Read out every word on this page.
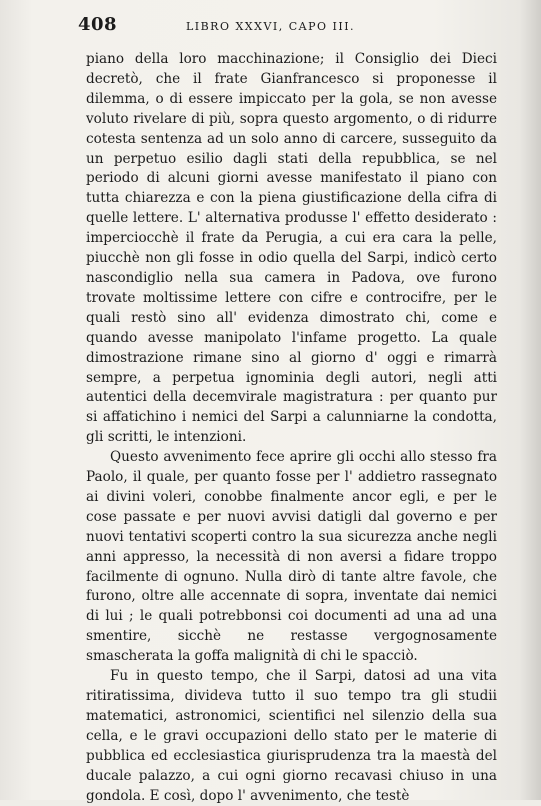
408	LIBRO XXXVI, CAPO III.

piano della loro macchinazione; il Consiglio dei Dieci decretò, che il frate Gianfrancesco si proponesse il dilemma, o di essere impiccato per la gola, se non avesse voluto rivelare di più, sopra questo argomento, o di ridurre cotesta sentenza ad un solo anno di carcere, susseguito da un perpetuo esilio dagli stati della repubblica, se nel periodo di alcuni giorni avesse manifestato il piano con tutta chiarezza e con la piena giustificazione della cifra di quelle lettere. L' alternativa produsse l' effetto desiderato : imperciocchè il frate da Perugia, a cui era cara la pelle, piucchè non gli fosse in odio quella del Sarpi, indicò certo nascondiglio nella sua camera in Padova, ove furono trovate moltissime lettere con cifre e controcifre, per le quali restò sino all' evidenza dimostrato chi, come e quando avesse manipolato l'infame progetto. La quale dimostrazione rimane sino al giorno d' oggi e rimarrà sempre, a perpetua ignominia degli autori, negli atti autentici della decemvirale magistratura : per quanto pur si affatichino i nemici del Sarpi a calunniarne la condotta, gli scritti, le intenzioni.

Questo avvenimento fece aprire gli occhi allo stesso fra Paolo, il quale, per quanto fosse per l' addietro rassegnato ai divini voleri, conobbe finalmente ancor egli, e per le cose passate e per nuovi avvisi datigli dal governo e per nuovi tentativi scoperti contro la sua sicurezza anche negli anni appresso, la necessità di non aversi a fidare troppo facilmente di ognuno. Nulla dirò di tante altre favole, che furono, oltre alle accennate di sopra, inventate dai nemici di lui ; le quali potrebbonsi coi documenti ad una ad una smentire, sicchè ne restasse vergognosamente smascherata la goffa malignità di chi le spacciò.

Fu in questo tempo, che il Sarpi, datosi ad una vita ritiratissima, divideva tutto il suo tempo tra gli studii matematici, astronomici, scientifici nel silenzio della sua cella, e le gravi occupazioni dello stato per le materie di pubblica ed ecclesiastica giurisprudenza tra la maestà del ducale palazzo, a cui ogni giorno recavasi chiuso in una gondola. E così, dopo l' avvenimento, che testè
